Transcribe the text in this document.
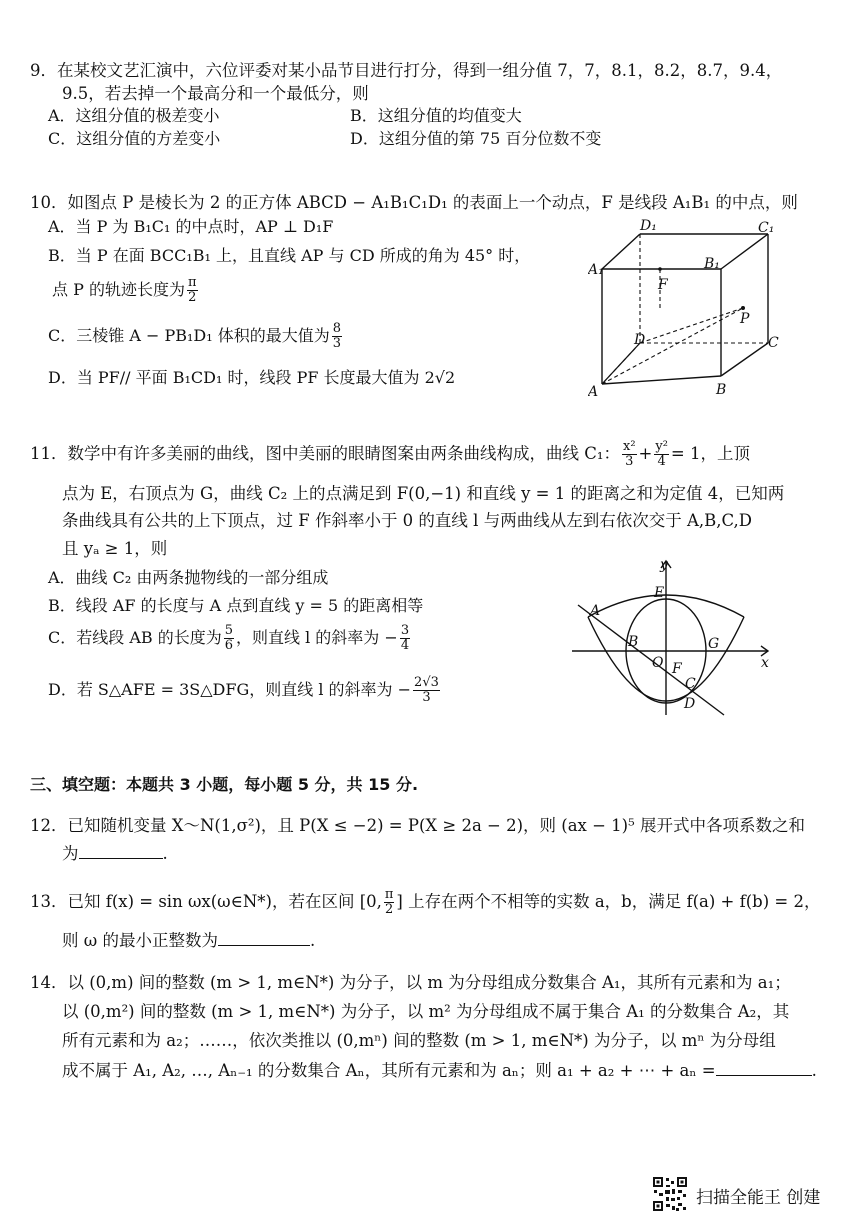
9．在某校文艺汇演中，六位评委对某小品节目进行打分，得到一组分值 7，7，8.1，8.2，8.7，9.4，
9.5，若去掉一个最高分和一个最低分，则
A．这组分值的极差变小	B．这组分值的均值变大
C．这组分值的方差变小	D．这组分值的第 75 百分位数不变
10．如图点 P 是棱长为 2 的正方体 ABCD − A₁B₁C₁D₁ 的表面上一个动点，F 是线段 A₁B₁ 的中点，则
A．当 P 为 B₁C₁ 的中点时，AP ⊥ D₁F
B．当 P 在面 BCC₁B₁ 上，且直线 AP 与 CD 所成的角为 45° 时，
点 P 的轨迹长度为 $\frac{\pi}{2}$
C．三棱锥 A − PB₁D₁ 体积的最大值为 $\frac{8}{3}$
D．当 PF// 平面 B₁CD₁ 时，线段 PF 长度最大值为 2√2
D₁	C₁
A₁	B₁
F
P
D	C
A	B
11．数学中有许多美丽的曲线，图中美丽的眼睛图案由两条曲线构成，曲线 C₁： $\frac{\text{x²}}{3} + \frac{\text{y²}}{4} = 1$，上顶
点为 E，右顶点为 G，曲线 C₂ 上的点满足到 F(0,−1) 和直线 y = 1 的距离之和为定值 4，已知两
条曲线具有公共的上下顶点，过 F 作斜率小于 0 的直线 l 与两曲线从左到右依次交于 A,B,C,D
且 yₐ ≥ 1，则
A．曲线 C₂ 由两条抛物线的一部分组成
B．线段 AF 的长度与 A 点到直线 y = 5 的距离相等
C．若线段 AB 的长度为 $\frac{5}{6}$ ，则直线 l 的斜率为 − $\frac{3}{4}$
D．若 S△AFE = 3S△DFG，则直线 l 的斜率为 − $\frac{2√3}{3}$
A
E
B	G
O F
C
D
y
x
三、填空题：本题共 3 小题，每小题 5 分，共 15 分.
12．已知随机变量 X～N(1,σ²)，且 P(X ≤ −2) = P(X ≥ 2a − 2)，则 (ax − 1)⁵ 展开式中各项系数之和
为	.
13．已知 f(x) = sin ωx(ω∈N*)，若在区间 [0, $\frac{\pi}{2}$ ] 上存在两个不相等的实数 a，b，满足 f(a) + f(b) = 2，
则 ω 的最小正整数为	.
14．以 (0,m) 间的整数 (m > 1, m∈N*) 为分子，以 m 为分母组成分数集合 A₁，其所有元素和为 a₁；
以 (0,m²) 间的整数 (m > 1, m∈N*) 为分子，以 m² 为分母组成不属于集合 A₁ 的分数集合 A₂，其
所有元素和为 a₂；……，依次类推以 (0,mⁿ) 间的整数 (m > 1, m∈N*) 为分子，以 mⁿ 为分母组
成不属于 A₁, A₂, …, Aₙ₋₁ 的分数集合 Aₙ，其所有元素和为 aₙ；则 a₁ + a₂ + ⋯ + aₙ =	.
扫描全能王 创建
